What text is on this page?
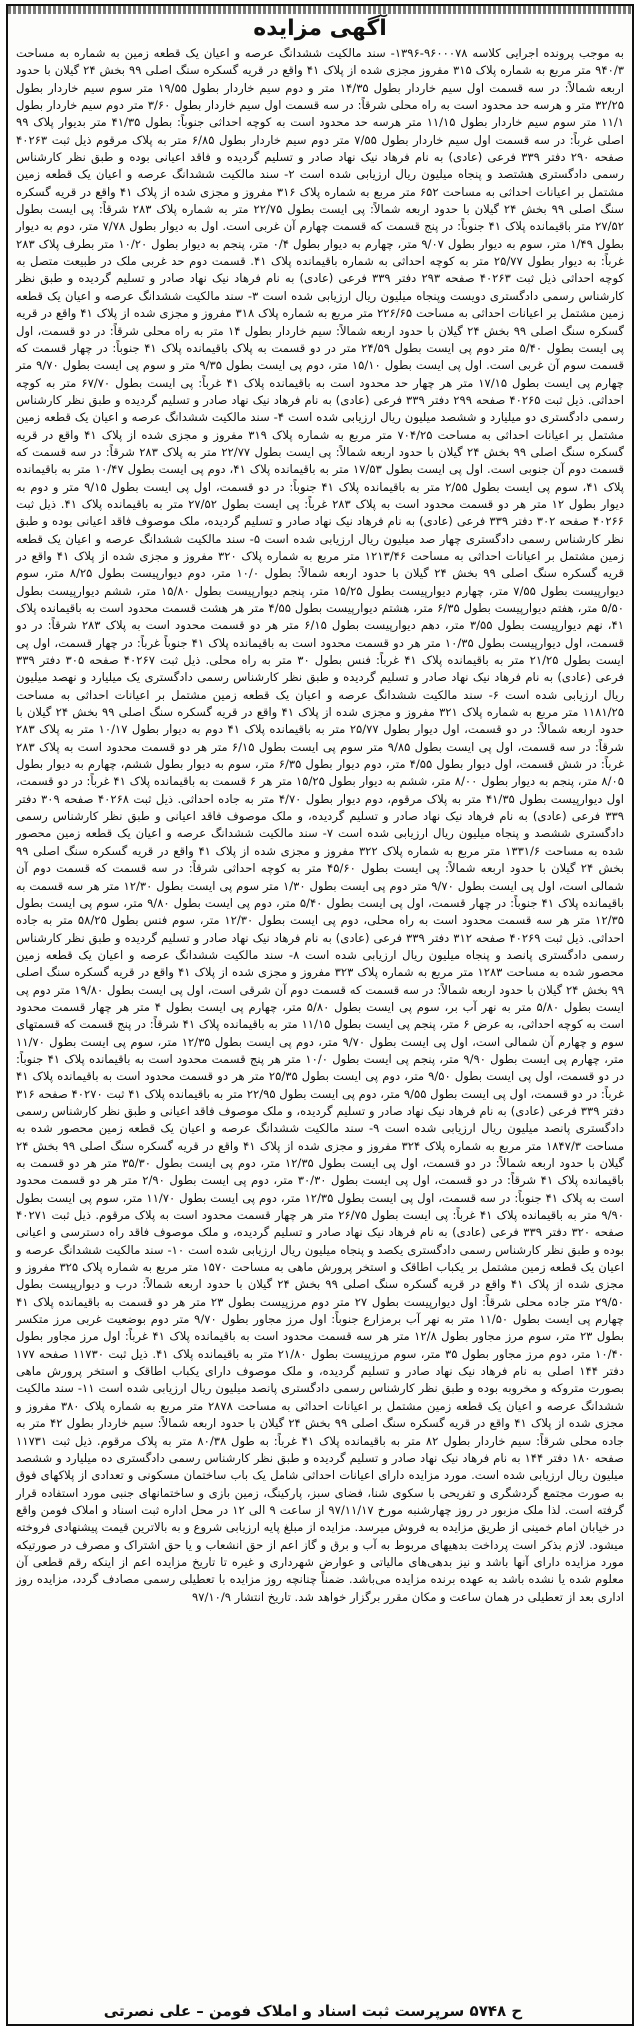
آگهی مزایده
به موجب پرونده اجرایی کلاسه ۹۶۰۰۰۷۸-۱۳۹۶- سند مالکیت ششدانگ عرصه و اعیان یک قطعه زمین به شماره به مساحت ۹۴۰/۳ متر مربع به شماره پلاک ۳۱۵ مفروز مجزی شده از پلاک ۴۱ واقع در قریه گسکره سنگ اصلی ۹۹ بخش ۲۴ گیلان با حدود اربعه شمالاً: در سه قسمت اول سیم خاردار بطول ۱۴/۳۵ متر و دوم سیم خاردار بطول ۱۹/۵۵ متر سوم سیم خاردار بطول ۳۲/۲۵ متر و هرسه حد محدود است به راه محلی شرقاً: در سه قسمت اول سیم خاردار بطول ۳/۶۰ متر دوم سیم خاردار بطول ۱۱/۱ متر سوم سیم خاردار بطول ۱۱/۱۵ متر هرسه حد محدود است به کوچه احداثی جنوباً: بطول ۴۱/۳۵ متر بدیوار پلاک ۹۹ اصلی غرباً: در سه قسمت اول سیم خاردار بطول ۷/۵۵ متر دوم سیم خاردار بطول ۶/۸۵ متر به پلاک مرقوم ذیل ثبت ۴۰۲۶۳ صفحه ۲۹۰ دفتر ۳۳۹ فرعی (عادی) به نام فرهاد نیک نهاد صادر و تسلیم گردیده و فاقد اعیانی بوده و طبق نظر کارشناس رسمی دادگستری هشتصد و پنجاه میلیون ریال ارزیابی شده است ۲- سند مالکیت ششدانگ عرصه و اعیان یک قطعه زمین مشتمل بر اعیانات احداثی به مساحت ۶۵۲ متر مربع به شماره پلاک ۳۱۶ مفروز و مجزی شده از پلاک ۴۱ واقع در قریه گسکره سنگ اصلی ۹۹ بخش ۲۴ گیلان با حدود اربعه شمالاً: پی ایست بطول ۲۲/۷۵ متر به شماره پلاک ۲۸۳ شرقاً: پی ایست بطول ۲۷/۵۲ متر باقیمانده پلاک ۴۱ جنوباً: در پنج قسمت که قسمت چهارم آن غربی است. اول به دیوار بطول ۷/۷۸ متر، دوم به دیوار بطول ۱/۴۹ متر، سوم به دیوار بطول ۹/۰۷ متر، چهارم به دیوار بطول ۰/۴ متر، پنجم به دیوار بطول ۱۰/۲۰ متر بطرف پلاک ۲۸۳ غرباً: به دیوار بطول ۲۵/۷۷ متر به کوچه احداثی به شماره باقیمانده پلاک ۴۱. قسمت دوم حد غربی ملک در طبیعت متصل به کوچه احداثی ذیل ثبت ۴۰۲۶۳ صفحه ۲۹۳ دفتر ۳۳۹ فرعی (عادی) به نام فرهاد نیک نهاد صادر و تسلیم گردیده و طبق نظر کارشناس رسمی دادگستری دویست وپنجاه میلیون ریال ارزیابی شده است ۳- سند مالکیت ششدانگ عرصه و اعیان یک قطعه زمین مشتمل بر اعیانات احداثی به مساحت ۲۲۶/۶۵ متر مربع به شماره پلاک ۳۱۸ مفروز و مجزی شده از پلاک ۴۱ واقع در قریه گسکره سنگ اصلی ۹۹ بخش ۲۴ گیلان با حدود اربعه شمالاً: سیم خاردار بطول ۱۴ متر به راه محلی شرقاً: در دو قسمت، اول پی ایست بطول ۵/۴۰ متر دوم پی ایست بطول ۲۴/۵۹ متر در دو قسمت به پلاک باقیمانده پلاک ۴۱ جنوباً: در چهار قسمت که قسمت سوم آن غربی است. اول پی ایست بطول ۱۵/۱۰ متر، دوم پی ایست بطول ۹/۳۵ متر و سوم پی ایست بطول ۹/۷۰ متر چهارم پی ایست بطول ۱۷/۱۵ متر هر چهار حد محدود است به باقیمانده پلاک ۴۱ غرباً: پی ایست بطول ۶۷/۷۰ متر به کوچه احداثی. ذیل ثبت ۴۰۲۶۵ صفحه ۲۹۹ دفتر ۳۳۹ فرعی (عادی) به نام فرهاد نیک نهاد صادر و تسلیم گردیده و طبق نظر کارشناس رسمی دادگستری دو میلیارد و ششصد میلیون ریال ارزیابی شده است ۴- سند مالکیت ششدانگ عرصه و اعیان یک قطعه زمین مشتمل بر اعیانات احداثی به مساحت ۷۰۴/۲۵ متر مربع به شماره پلاک ۳۱۹ مفروز و مجزی شده از پلاک ۴۱ واقع در قریه گسکره سنگ اصلی ۹۹ بخش ۲۴ گیلان با حدود اربعه شمالاً: پی ایست بطول ۲۲/۷۷ متر به پلاک ۲۸۳ شرقاً: در سه قسمت که قسمت دوم آن جنوبی است. اول پی ایست بطول ۱۷/۵۳ متر به باقیمانده پلاک ۴۱، دوم پی ایست بطول ۱۰/۴۷ متر به باقیمانده پلاک ۴۱، سوم پی ایست بطول ۲/۵۵ متر به باقیمانده پلاک ۴۱ جنوباً: در دو قسمت، اول پی ایست بطول ۹/۱۵ متر و دوم به دیوار بطول ۱۲ متر هر دو قسمت محدود است به پلاک ۲۸۳ غرباً: پی ایست بطول ۲۷/۵۲ متر به باقیمانده پلاک ۴۱. ذیل ثبت ۴۰۲۶۶ صفحه ۳۰۲ دفتر ۳۳۹ فرعی (عادی) به نام فرهاد نیک نهاد صادر و تسلیم گردیده، ملک موصوف فاقد اعیانی بوده و طبق نظر کارشناس رسمی دادگستری چهار صد میلیون ریال ارزیابی شده است ۵- سند مالکیت ششدانگ عرصه و اعیان یک قطعه زمین مشتمل بر اعیانات احداثی به مساحت ۱۲۱۳/۴۶ متر مربع به شماره پلاک ۳۲۰ مفروز و مجزی شده از پلاک ۴۱ واقع در قریه گسکره سنگ اصلی ۹۹ بخش ۲۴ گیلان با حدود اربعه شمالاً: بطول ۱۰/۰ متر، دوم دیوارپیست بطول ۸/۲۵ متر، سوم دیوارپیست بطول ۷/۵۵ متر، چهارم دیوارپیست بطول ۱۵/۲۵ متر، پنجم دیوارپیست بطول ۱۵/۸۰ متر، ششم دیوارپیست بطول ۵/۵۰ متر، هفتم دیوارپیست بطول ۶/۳۵ متر، هشتم دیوارپیست بطول ۴/۵۵ متر هر هشت قسمت محدود است به باقیمانده پلاک ۴۱، نهم دیوارپیست بطول ۳/۵۵ متر، دهم دیوارپیست بطول ۶/۱۵ متر هر دو قسمت محدود است به پلاک ۲۸۳ شرقاً: در دو قسمت، اول دیوارپیست بطول ۱۰/۳۵ متر هر دو قسمت محدود است به باقیمانده پلاک ۴۱ جنوباً غرباً: در چهار قسمت، اول پی ایست بطول ۲۱/۲۵ متر به باقیمانده پلاک ۴۱ غرباً: فنس بطول ۳۰ متر به راه محلی. ذیل ثبت ۴۰۲۶۷ صفحه ۳۰۵ دفتر ۳۳۹ فرعی (عادی) به نام فرهاد نیک نهاد صادر و تسلیم گردیده و طبق نظر کارشناس رسمی دادگستری یک میلیارد و نهصد میلیون ریال ارزیابی شده است ۶- سند مالکیت ششدانگ عرصه و اعیان یک قطعه زمین مشتمل بر اعیانات احداثی به مساحت ۱۱۸۱/۲۵ متر مربع به شماره پلاک ۳۲۱ مفروز و مجزی شده از پلاک ۴۱ واقع در قریه گسکره سنگ اصلی ۹۹ بخش ۲۴ گیلان با حدود اربعه شمالاً: در دو قسمت، اول دیوار بطول ۲۵/۷۷ متر به باقیمانده پلاک ۴۱ دوم به دیوار بطول ۱۰/۱۷ متر به پلاک ۲۸۳ شرقاً: در سه قسمت، اول پی ایست بطول ۹/۸۵ متر سوم پی ایست بطول ۶/۱۵ متر هر دو قسمت محدود است به پلاک ۲۸۳ غرباً: در شش قسمت، اول دیوار بطول ۴/۵۵ متر، دوم دیوار بطول ۶/۳۵ متر، سوم به دیوار بطول ششم، چهارم به دیوار بطول ۸/۰۵ متر، پنجم به دیوار بطول ۸/۰۰ متر، ششم به دیوار بطول ۱۵/۲۵ متر هر ۶ قسمت به باقیمانده پلاک ۴۱ غرباً: در دو قسمت، اول دیوارپیست بطول ۴۱/۳۵ متر به پلاک مرقوم، دوم دیوار بطول ۴/۷۰ متر به جاده احداثی. ذیل ثبت ۴۰۲۶۸ صفحه ۳۰۹ دفتر ۳۳۹ فرعی (عادی) به نام فرهاد نیک نهاد صادر و تسلیم گردیده، و ملک موصوف فاقد اعیانی و طبق نظر کارشناس رسمی دادگستری ششصد و پنجاه میلیون ریال ارزیابی شده است ۷- سند مالکیت ششدانگ عرصه و اعیان یک قطعه زمین محصور شده به مساحت ۱۳۳۱/۶ متر مربع به شماره پلاک ۳۲۲ مفروز و مجزی شده از پلاک ۴۱ واقع در قریه گسکره سنگ اصلی ۹۹ بخش ۲۴ گیلان با حدود اربعه شمالاً: پی ایست بطول ۴۵/۶۰ متر به کوچه احداثی شرقاً: در سه قسمت که قسمت دوم آن شمالی است، اول پی ایست بطول ۹/۷۰ متر دوم پی ایست بطول ۱/۳۰ متر سوم پی ایست بطول ۱۲/۳۰ متر هر سه قسمت به باقیمانده پلاک ۴۱ جنوباً: در چهار قسمت، اول پی ایست بطول ۵/۴۰ متر، دوم پی ایست بطول ۹/۸۰ متر، سوم پی ایست بطول ۱۲/۳۵ متر هر سه قسمت محدود است به راه محلی، دوم پی ایست بطول ۱۲/۳۰ متر، سوم فنس بطول ۵۸/۲۵ متر به جاده احداثی. ذیل ثبت ۴۰۲۶۹ صفحه ۳۱۲ دفتر ۳۳۹ فرعی (عادی) به نام فرهاد نیک نهاد صادر و تسلیم گردیده و طبق نظر کارشناس رسمی دادگستری پانصد و پنجاه میلیون ریال ارزیابی شده است ۸- سند مالکیت ششدانگ عرصه و اعیان یک قطعه زمین محصور شده به مساحت ۱۲۸۳ متر مربع به شماره پلاک ۳۲۳ مفروز و مجزی شده از پلاک ۴۱ واقع در قریه گسکره سنگ اصلی ۹۹ بخش ۲۴ گیلان با حدود اربعه شمالاً: در سه قسمت که قسمت دوم آن شرقی است، اول پی ایست بطول ۱۹/۸۰ متر دوم پی ایست بطول ۵/۸۰ متر به نهر آب بر، سوم پی ایست بطول ۵/۸۰ متر، چهارم پی ایست بطول ۴ متر هر چهار قسمت محدود است به کوچه احداثی، به عرض ۶ متر، پنجم پی ایست بطول ۱۱/۱۵ متر به باقیمانده پلاک ۴۱ شرقاً: در پنج قسمت که قسمتهای سوم و چهارم آن شمالی است، اول پی ایست بطول ۹/۷۰ متر، دوم پی ایست بطول ۱۲/۳۵ متر، سوم پی ایست بطول ۱۱/۷۰ متر، چهارم پی ایست بطول ۹/۹۰ متر، پنجم پی ایست بطول ۱۰/۰ متر هر پنج قسمت محدود است به باقیمانده پلاک ۴۱ جنوباً: در دو قسمت، اول پی ایست بطول ۹/۵۰ متر، دوم پی ایست بطول ۲۵/۳۵ متر هر دو قسمت محدود است به باقیمانده پلاک ۴۱ غرباً: در دو قسمت، اول پی ایست بطول ۹/۵۵ متر، دوم پی ایست بطول ۲۲/۹۵ متر به باقیمانده پلاک ۴۱ ثبت ۴۰۲۷۰ صفحه ۳۱۶ دفتر ۳۳۹ فرعی (عادی) به نام فرهاد نیک نهاد صادر و تسلیم گردیده، و ملک موصوف فاقد اعیانی و طبق نظر کارشناس رسمی دادگستری پانصد میلیون ریال ارزیابی شده است ۹- سند مالکیت ششدانگ عرصه و اعیان یک قطعه زمین محصور شده به مساحت ۱۸۴۷/۳ متر مربع به شماره پلاک ۳۲۴ مفروز و مجزی شده از پلاک ۴۱ واقع در قریه گسکره سنگ اصلی ۹۹ بخش ۲۴ گیلان با حدود اربعه شمالاً: در دو قسمت، اول پی ایست بطول ۱۲/۳۵ متر، دوم پی ایست بطول ۳۵/۳۰ متر هر دو قسمت به باقیمانده پلاک ۴۱ شرقاً: در دو قسمت، اول پی ایست بطول ۳۰/۳۰ متر، دوم پی ایست بطول ۲/۹۰ متر هر دو قسمت محدود است به پلاک ۴۱ جنوباً: در سه قسمت، اول پی ایست بطول ۱۲/۳۵ متر، دوم پی ایست بطول ۱۱/۷۰ متر، سوم پی ایست بطول ۹/۹۰ متر به باقیمانده پلاک ۴۱ غرباً: پی ایست بطول ۲۶/۷۵ متر هر چهار قسمت محدود است به پلاک مرقوم. ذیل ثبت ۴۰۲۷۱ صفحه ۳۲۰ دفتر ۳۳۹ فرعی (عادی) به نام فرهاد نیک نهاد صادر و تسلیم گردیده، و ملک موصوف فاقد راه دسترسی و اعیانی بوده و طبق نظر کارشناس رسمی دادگستری یکصد و پنجاه میلیون ریال ارزیابی شده است ۱۰- سند مالکیت ششدانگ عرصه و اعیان یک قطعه زمین مشتمل بر یکباب اطاقک و استخر پرورش ماهی به مساحت ۱۵۷۰ متر مربع به شماره پلاک ۳۲۵ مفروز و مجزی شده از پلاک ۴۱ واقع در قریه گسکره سنگ اصلی ۹۹ بخش ۲۴ گیلان با حدود اربعه شمالاً: درب و دیوارپیست بطول ۲۹/۵۰ متر جاده محلی شرقاً: اول دیوارپیست بطول ۲۷ متر دوم مرزپیست بطول ۲۳ متر هر دو قسمت به باقیمانده پلاک ۴۱ چهارم پی ایست بطول ۱۱/۵۰ متر به نهر آب برمزارع جنوباً: اول مرز مجاور بطول ۹/۷۰ متر دوم بوضعیت غربی مرز متکسر بطول ۲۳ متر، سوم مرز مجاور بطول ۱۲/۸ متر هر سه قسمت محدود است به باقیمانده پلاک ۴۱ غرباً: اول مرز مجاور بطول ۱۰/۴۰ متر، دوم مرز مجاور بطول ۳۵ متر، سوم مرزپیست بطول ۲۱/۸۰ متر به باقیمانده پلاک ۴۱. ذیل ثبت ۱۱۷۳۰ صفحه ۱۷۷ دفتر ۱۴۴ اصلی به نام فرهاد نیک نهاد صادر و تسلیم گردیده، و ملک موصوف دارای یکباب اطاقک و استخر پرورش ماهی بصورت متروکه و مخروبه بوده و طبق نظر کارشناس رسمی دادگستری پانصد میلیون ریال ارزیابی شده است ۱۱- سند مالکیت ششدانگ عرصه و اعیان یک قطعه زمین مشتمل بر اعیانات احداثی به مساحت ۲۸۷۸ متر مربع به شماره پلاک ۳۸۰ مفروز و مجزی شده از پلاک ۴۱ واقع در قریه گسکره سنگ اصلی ۹۹ بخش ۲۴ گیلان با حدود اربعه شمالاً: سیم خاردار بطول ۴۲ متر به جاده محلی شرقاً: سیم خاردار بطول ۸۲ متر به باقیمانده پلاک ۴۱ غرباً: به طول ۸۰/۳۸ متر به پلاک مرقوم. ذیل ثبت ۱۱۷۳۱ صفحه ۱۸۰ دفتر ۱۴۴ به نام فرهاد نیک نهاد صادر و تسلیم گردیده و طبق نظر کارشناس رسمی دادگستری ده میلیارد و ششصد میلیون ریال ارزیابی شده است. مورد مزایده دارای اعیانات احداثی شامل یک باب ساختمان مسکونی و تعدادی از پلاکهای فوق به صورت مجتمع گردشگری و تفریحی با سکوی شنا، فضای سبز، پارکینگ، زمین بازی و ساختمانهای جنبی مورد استفاده قرار گرفته است. لذا ملک مزبور در روز چهارشنبه مورخ ۹۷/۱۱/۱۷ از ساعت ۹ الی ۱۲ در محل اداره ثبت اسناد و املاک فومن واقع در خیابان امام خمینی از طریق مزایده به فروش میرسد. مزایده از مبلغ پایه ارزیابی شروع و به بالاترین قیمت پیشنهادی فروخته میشود. لازم بذکر است پرداخت بدهیهای مربوط به آب و برق و گاز اعم از حق انشعاب و یا حق اشتراک و مصرف در صورتیکه مورد مزایده دارای آنها باشد و نیز بدهی‌های مالیاتی و عوارض شهرداری و غیره تا تاریخ مزایده اعم از اینکه رقم قطعی آن معلوم شده یا نشده باشد به عهده برنده مزایده می‌باشد. ضمناً چنانچه روز مزایده با تعطیلی رسمی مصادف گردد، مزایده روز اداری بعد از تعطیلی در همان ساعت و مکان مقرر برگزار خواهد شد. تاریخ انتشار ۹۷/۱۰/۹
ح ۵۷۴۸ سرپرست ثبت اسناد و املاک فومن – علی نصرتی
